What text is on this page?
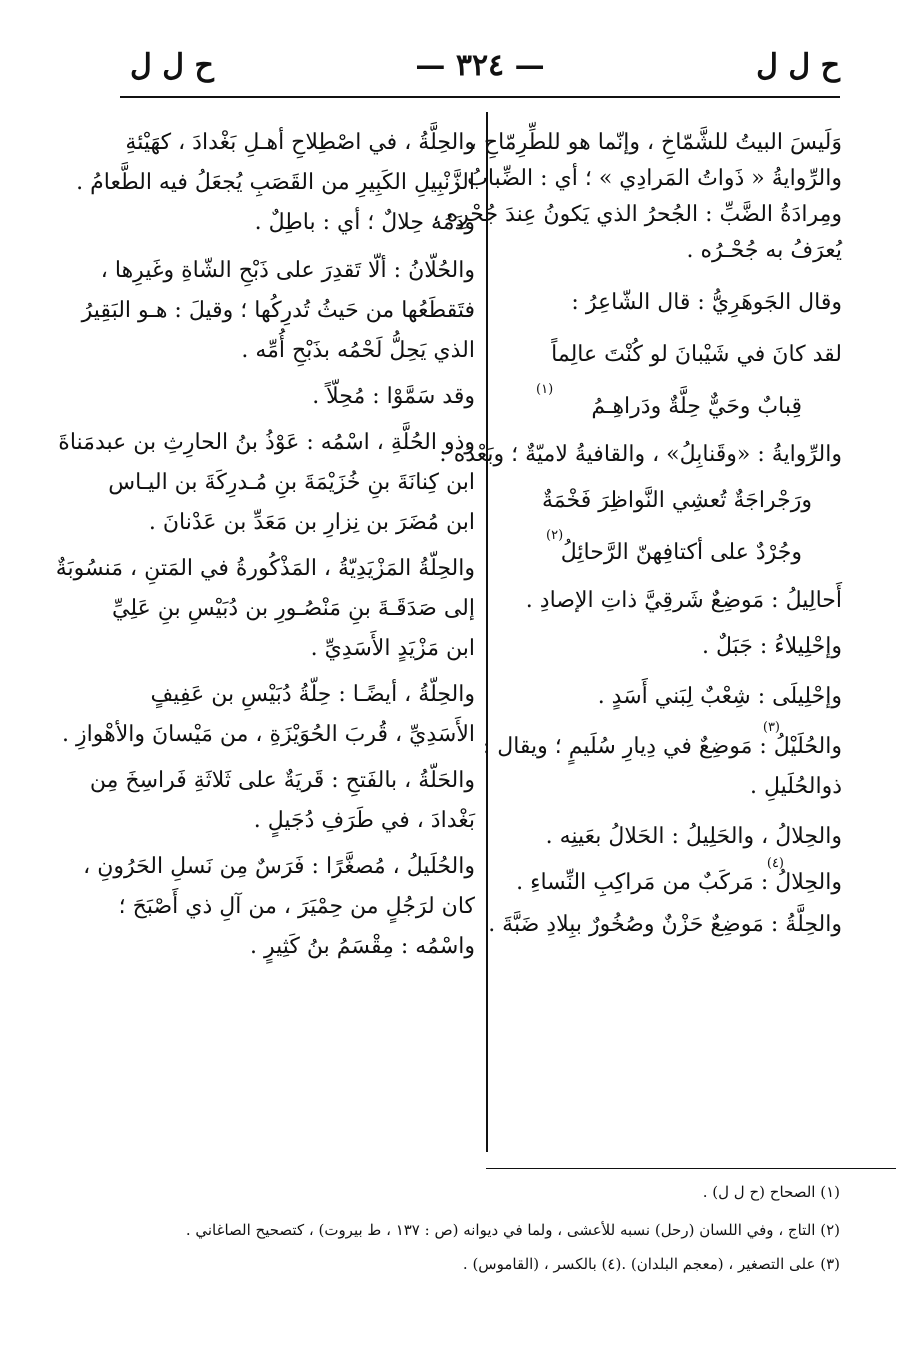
ح ل ل
— ٣٢٤ —
ح ل ل
وَلَيسَ البيتُ للشَّمّاخِ ، وإنّما هو للطِّرِمّاحِ ،
والرِّوايةُ « ذَواتُ المَرادِي » ؛ أي : الضِّبابُ .
ومِرادَةُ الضَّبِّ : الجُحرُ الذي يَكونُ عِندَ جُحْرِه ،
يُعرَفُ به جُحْـرُه .
وقال الجَوهَرِيُّ : قال الشّاعِرُ :
لقد كانَ في شَيْبانَ لو كُنْتَ عالِماً
(١)
قِبابٌ وحَيٌّ حِلَّةٌ ودَراهِـمُ
والرِّوايةُ : «وقَنابِلُ» ، والقافيةُ لاميّةٌ ؛ وبَعْدَه :
ورَجْراجَةٌ تُعشِي النَّواظِرَ فَخْمَةٌ
(٢)
وجُرْدٌ على أكتافِهنّ الرَّحائِلُ
أَحالِيلُ : مَوضِعٌ شَرقِيَّ ذاتِ الإصادِ .
وإحْلِيلاءُ : جَبَلٌ .
وإحْلِيلَى : شِعْبٌ لِبَني أَسَدٍ .
(٣)
والحُلَيْلُ : مَوضِعٌ في دِيارِ سُلَيمٍ ؛ ويقال :
ذوالحُلَيلِ .
والحِلالُ ، والحَلِيلُ : الحَلالُ بعَينِه .
(٤)
والحِلالُ : مَركَبٌ من مَراكِبِ النِّساءِ .
والحِلَّةُ : مَوضِعٌ حَزْنٌ وصُخُورٌ ببِلادِ ضَبَّةَ .
والحِلَّةُ ، في اصْطِلاحِ أهـلِ بَغْدادَ ، كهَيْئةِ
الزَّنْبِيلِ الكَبِيرِ من القَصَبِ يُجعَلُ فيه الطَّعامُ .
ودَمُه حِلالٌ ؛ أي : باطِلٌ .
والحُلّانُ : ألّا تَقدِرَ على ذَبْحِ الشّاةِ وغَيرِها ،
فتَقطَعُها من حَيثُ تُدرِكُها ؛ وقيلَ : هـو البَقِيرُ
الذي يَحِلُّ لَحْمُه بذَبْحِ أُمِّه .
وقد سَمَّوْا : مُحِلّاً .
وذو الحُلَّةِ ، اسْمُه : عَوْذُ بنُ الحارِثِ بن عبدمَناةَ
ابن كِنانَةَ بنِ خُزَيْمَةَ بنِ مُـدرِكَةَ بن اليـاس
ابن مُضَرَ بن نِزارِ بن مَعَدِّ بن عَدْنانَ .
والحِلّةُ المَزْيَدِيّةُ ، المَذْكُورةُ في المَتنِ ، مَنسُوبَةٌ
إلى صَدَقَـةَ بنِ مَنْصُـورِ بن دُبَيْسِ بنِ عَلِيِّ
ابن مَزْيَدٍ الأَسَدِيِّ .
والحِلّةُ ، أيضًـا : حِلّةُ دُبَيْسِ بن عَفِيفٍ
الأَسَدِيِّ ، قُربَ الحُوَيْزَةِ ، من مَيْسانَ والأهْوازِ .
والحَلّةُ ، بالفَتحِ : قَريَةٌ على ثَلاثَةِ فَراسِخَ مِن
بَغْدادَ ، في طَرَفِ دُجَيلٍ .
والحُلَيلُ ، مُصغَّرًا : فَرَسٌ مِن نَسلِ الحَرُونِ ،
كان لرَجُلٍ من حِمْيَرَ ، من آلِ ذي أَصْبَحَ ؛
واسْمُه : مِقْسَمُ بنُ كَثِيرٍ .
(١) الصحاح (ح ل ل) .
(٢) التاج ، وفي اللسان (رحل) نسبه للأعشى ، ولما في ديوانه (ص : ١٣٧ ، ط بيروت) ، كتصحيح الصاغاني .
(٣) على التصغير ، (معجم البلدان) .
(٤) بالكسر ، (القاموس) .
